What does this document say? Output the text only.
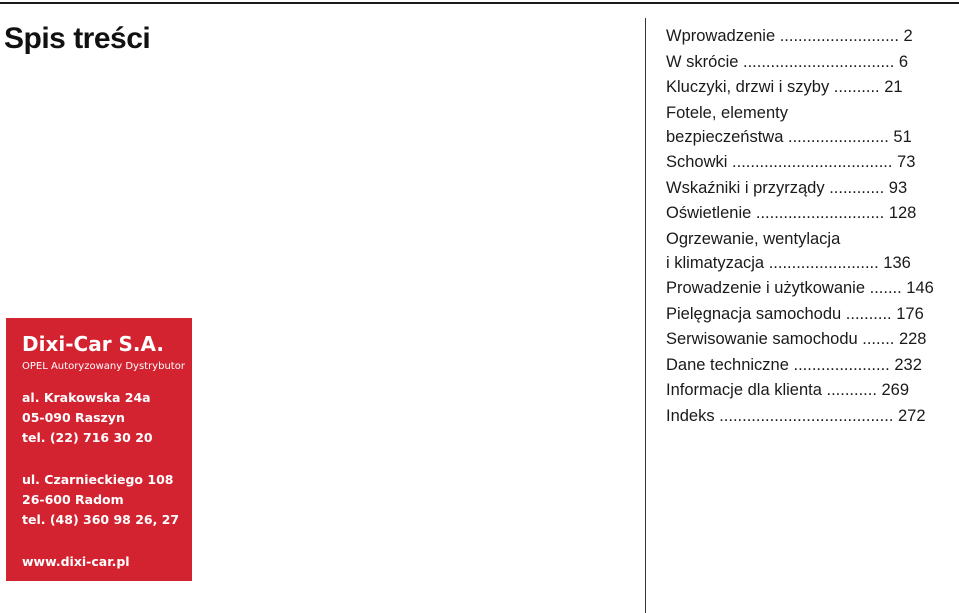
Spis treści
Dixi-Car S.A.
OPEL Autoryzowany Dystrybutor
al. Krakowska 24a
05-090 Raszyn
tel. (22) 716 30 20
ul. Czarnieckiego 108
26-600 Radom
tel. (48) 360 98 26, 27
www.dixi-car.pl
Wprowadzenie .......................... 2
W skrócie ................................. 6
Kluczyki, drzwi i szyby .......... 21
Fotele, elementy
bezpieczeństwa ...................... 51
Schowki ................................... 73
Wskaźniki i przyrządy ............ 93
Oświetlenie ............................ 128
Ogrzewanie, wentylacja
i klimatyzacja ........................ 136
Prowadzenie i użytkowanie ....... 146
Pielęgnacja samochodu .......... 176
Serwisowanie samochodu ....... 228
Dane techniczne ..................... 232
Informacje dla klienta ........... 269
Indeks ...................................... 272
